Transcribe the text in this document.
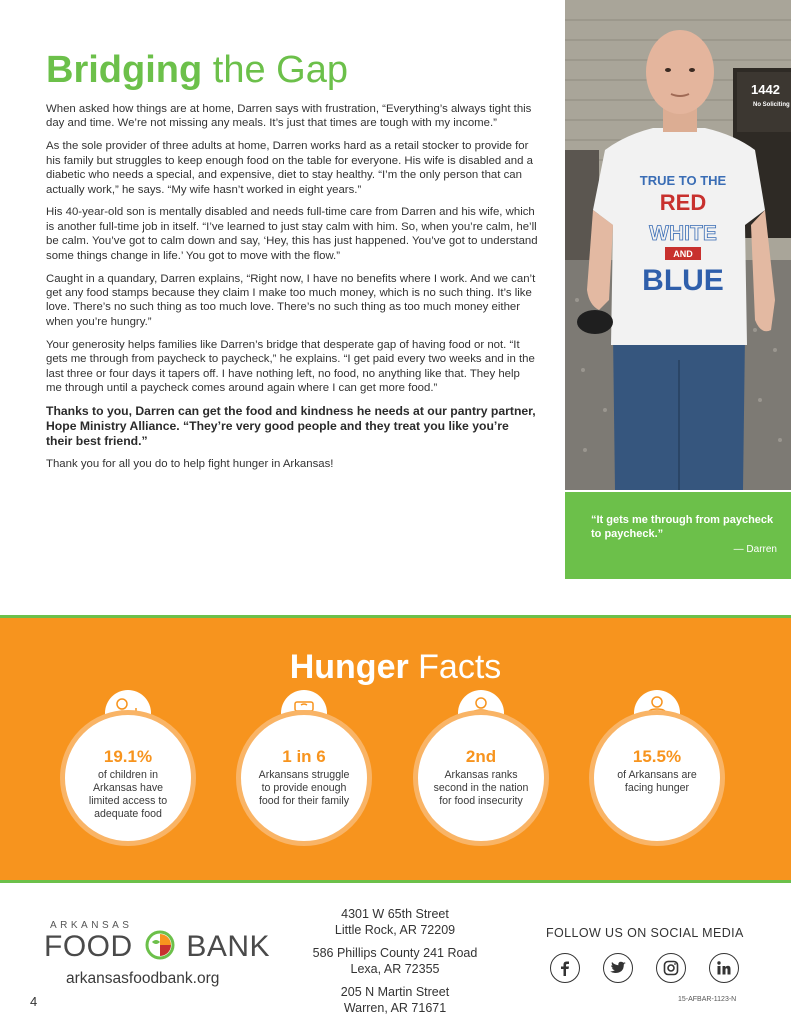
Bridging the Gap

When asked how things are at home, Darren says with frustration, “Everything’s always tight this day and time. We’re not missing any meals. It’s just that times are tough with my income.”

As the sole provider of three adults at home, Darren works hard as a retail stocker to provide for his family but struggles to keep enough food on the table for everyone. His wife is disabled and a diabetic who needs a special, and expensive, diet to stay healthy. “I’m the only person that can actually work,” he says. “My wife hasn’t worked in eight years.”

His 40-year-old son is mentally disabled and needs full-time care from Darren and his wife, which is another full-time job in itself. “I’ve learned to just stay calm with him. So, when you’re calm, he’ll be calm. You’ve got to calm down and say, ‘Hey, this has just happened. You’ve got to understand some things change in life.’ You got to move with the flow.”

Caught in a quandary, Darren explains, “Right now, I have no benefits where I work. And we can’t get any food stamps because they claim I make too much money, which is no such thing. It’s like love. There’s no such thing as too much love. There’s no such thing as too much money either when you’re hungry.”

Your generosity helps families like Darren’s bridge that desperate gap of having food or not. “It gets me through from paycheck to paycheck,” he explains. “I get paid every two weeks and in the last three or four days it tapers off. I have nothing left, no food, no anything like that. They help me through until a paycheck comes around again where I can get more food.”

Thanks to you, Darren can get the food and kindness he needs at our pantry partner, Hope Ministry Alliance. “They’re very good people and they treat you like you’re their best friend.”

Thank you for all you do to help fight hunger in Arkansas!

1442
No Soliciting
TRUE TO THE
RED
WHITE
AND
BLUE
“It gets me through from paycheck to paycheck.”
— Darren
Hunger Facts
19.1%
of children in Arkansas have limited access to adequate food
1 in 6
Arkansans struggle to provide enough food for their family
2nd
Arkansas ranks second in the nation for food insecurity
15.5%
of Arkansans are facing hunger
ARKANSAS
FOOD BANK
arkansasfoodbank.org
4
4301 W 65th Street
Little Rock, AR 72209
586 Phillips County 241 Road
Lexa, AR 72355
205 N Martin Street
Warren, AR 71671
FOLLOW US ON SOCIAL MEDIA
15-AFBAR-1123-N
